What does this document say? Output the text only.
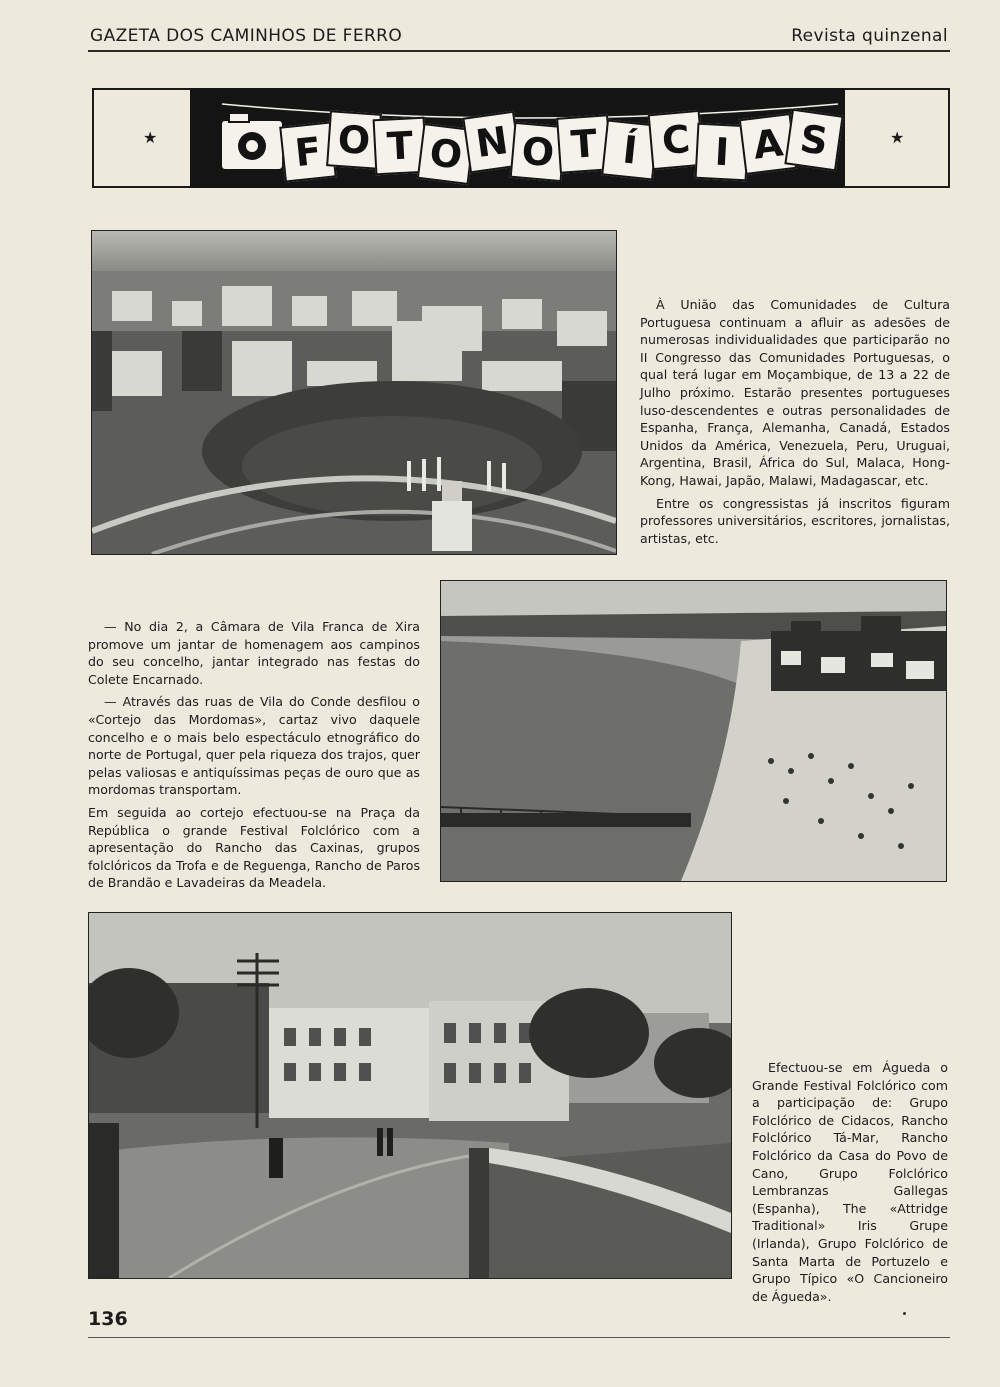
GAZETA DOS CAMINHOS DE FERRO	Revista quinzenal
★	★
F O T O N O T Í C I A S

À União das Comunidades de Cultura Portuguesa continuam a afluir as adesões de numerosas individualidades que participarão no II Congresso das Comunidades Portuguesas, o qual terá lugar em Moçambique, de 13 a 22 de Julho próximo. Estarão presentes portugueses luso-descendentes e outras personalidades de Espanha, França, Alemanha, Canadá, Estados Unidos da América, Venezuela, Peru, Uruguai, Argentina, Brasil, África do Sul, Malaca, Hong-Kong, Hawai, Japão, Malawi, Madagascar, etc.

Entre os congressistas já inscritos figuram professores universitários, escritores, jornalistas, artistas, etc.

— No dia 2, a Câmara de Vila Franca de Xira promove um jantar de homenagem aos campinos do seu concelho, jantar integrado nas festas do Colete Encarnado.

— Através das ruas de Vila do Conde desfilou o «Cortejo das Mordomas», cartaz vivo daquele concelho e o mais belo espectáculo etnográfico do norte de Portugal, quer pela riqueza dos trajos, quer pelas valiosas e antiquíssimas peças de ouro que as mordomas transportam.

Em seguida ao cortejo efectuou-se na Praça da República o grande Festival Folclórico com a apresentação do Rancho das Caxinas, grupos folclóricos da Trofa e de Reguenga, Rancho de Paros de Brandão e Lavadeiras da Meadela.

Efectuou-se em Águeda o Grande Festival Folclórico com a participação de: Grupo Folclórico de Cidacos, Rancho Folclórico Tá-Mar, Rancho Folclórico da Casa do Povo de Cano, Grupo Folclórico Lembranzas Gallegas (Espanha), The «Attridge Traditional» Iris Grupe (Irlanda), Grupo Folclórico de Santa Marta de Portuzelo e Grupo Típico «O Cancioneiro de Águeda».

136
